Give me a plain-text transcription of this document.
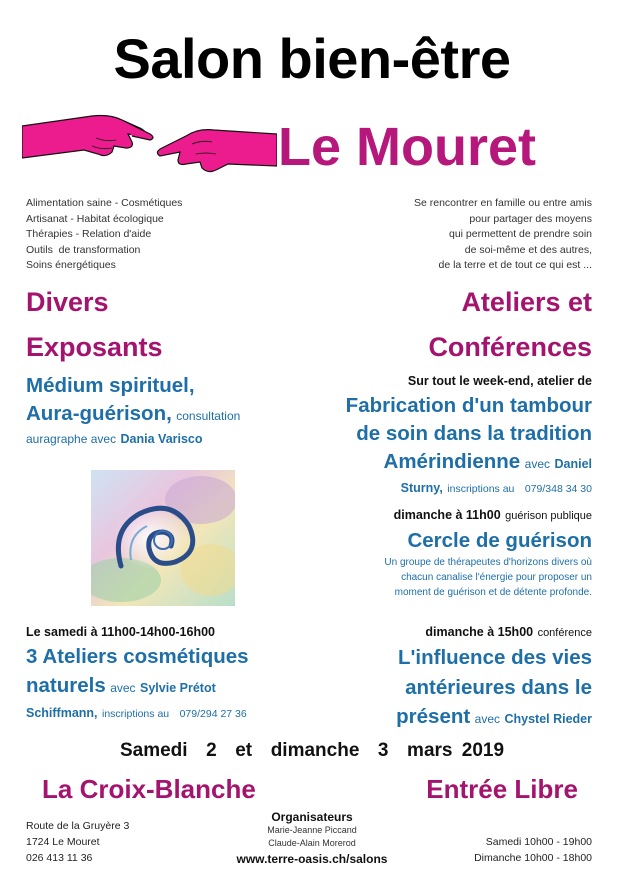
Salon bien-être
Le Mouret
Alimentation saine - Cosmétiques
Artisanat - Habitat écologique
Thérapies - Relation d'aide
Outils  de transformation
Soins énergétiques
Se rencontrer en famille ou entre amis
pour partager des moyens
qui permettent de prendre soin
de soi-même et des autres,
de la terre et de tout ce qui est ...
Divers
Exposants
Ateliers et
Conférences
Médium spirituel,
Aura-guérison, consultation
auragraphe avec Dania Varisco
Sur tout le week-end, atelier de
Fabrication d'un tambour
de soin dans la tradition
Amérindienne avec Daniel
Sturny, inscriptions au 079/348 34 30
dimanche à 11h00 guérison publique
Cercle de guérison
Un groupe de thérapeutes d'horizons divers où
chacun canalise l'énergie pour proposer un
moment de guérison et de détente profonde.
Le samedi à 11h00-14h00-16h00
3 Ateliers cosmétiques
naturels avec Sylvie Prétot
Schiffmann, inscriptions au 079/294 27 36
dimanche à 15h00 conférence
L'influence des vies
antérieures dans le
présent avec Chystel Rieder
Samedi  2  et  dimanche  3  mars 2019
La Croix-Blanche	Entrée Libre
Route de la Gruyère 3
1724 Le Mouret
026 413 11 36
Organisateurs
Marie-Jeanne Piccand
Claude-Alain Morerod
www.terre-oasis.ch/salons
Samedi 10h00 - 19h00
Dimanche 10h00 - 18h00
